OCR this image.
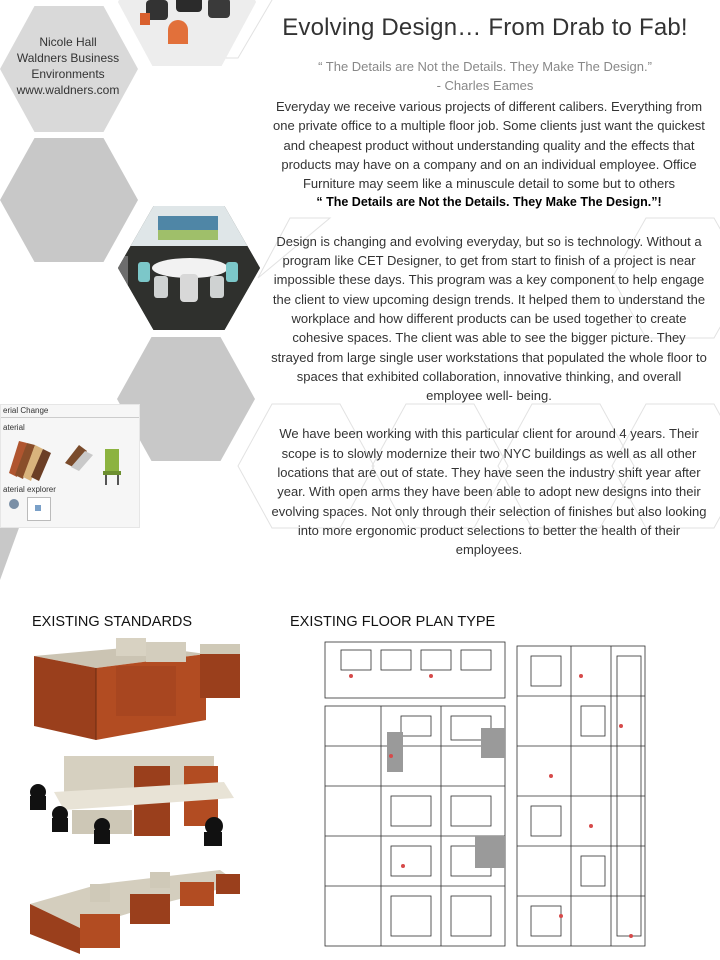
Nicole Hall
Waldners Business Environments
www.waldners.com
erial Change
aterial
aterial explorer
Evolving Design… From Drab to Fab!
“ The Details are Not the Details. They Make The Design.”
- Charles Eames

Everyday we receive various projects of different calibers. Everything from one private office to a multiple floor job. Some clients just want the quickest and cheapest product without understanding quality and the effects that products may have on a company and on an individual employee. Office Furniture may seem like a minuscule detail to some but to others

“ The Details are Not the Details. They Make The Design.”!

Design is changing and evolving everyday, but so is technology. Without a program like CET Designer, to get from start to finish of a project is near impossible these days. This program was a key component to help engage the client to view upcoming design trends. It helped them to understand the workplace and how different products can be used together to create cohesive spaces. The client was able to see the bigger picture. They strayed from large single user workstations that populated the whole floor to spaces that exhibited collaboration, innovative thinking, and overall employee well- being.

We have been working with this particular client for around 4 years. Their scope is to slowly modernize their two NYC buildings as well as all other locations that are out of state. They have seen the industry shift year after year. With open arms they have been able to adopt new designs into their evolving spaces. Not only through their selection of finishes but also looking into more ergonomic product selections to better the health of their employees.

EXISTING STANDARDS	EXISTING FLOOR PLAN TYPE
